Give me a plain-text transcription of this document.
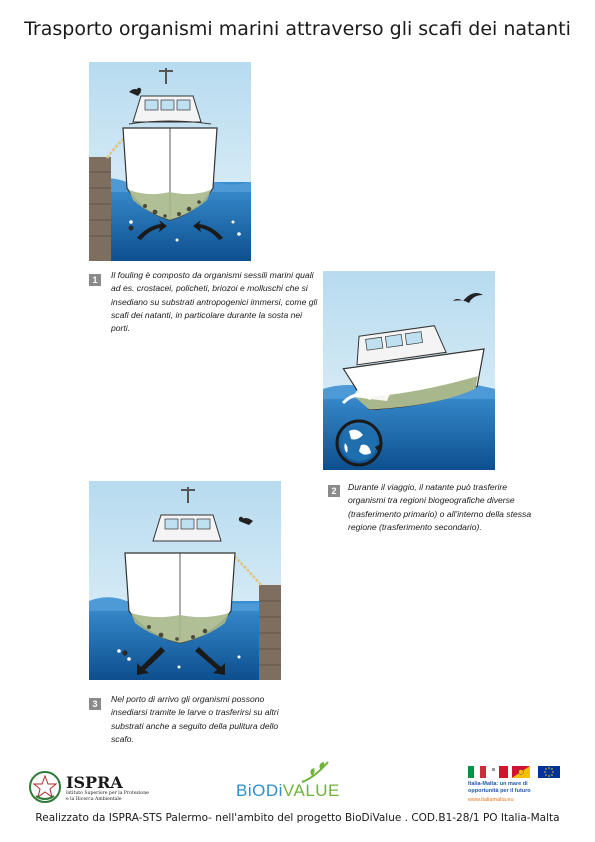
Trasporto organismi marini attraverso gli scafi dei natanti
1	Il fouling è composto da organismi sessili marini quali ad es. crostacei, policheti, briozoi e molluschi che si insediano su substrati antropogenici immersi, come gli scafi dei natanti, in particolare durante la sosta nei porti.
2	Durante il viaggio, il natante può trasferire organismi tra regioni biogeografiche diverse (trasferimento primario) o all'interno della stessa regione (trasferimento secondario).
3	Nel porto di arrivo gli organismi possono insediarsi tramite le larve o trasferirsi su altri substrati anche a seguito della pulitura dello scafo.
ISPRA
Istituto Superiore per la Protezione
e la Ricerca Ambientale	BiODiVALUE	Italia-Malta: un mare di
opportunità per il futuro
www.italiamalta.eu
Realizzato da ISPRA-STS Palermo- nell'ambito del progetto BioDiValue . COD.B1-28/1 PO Italia-Malta
